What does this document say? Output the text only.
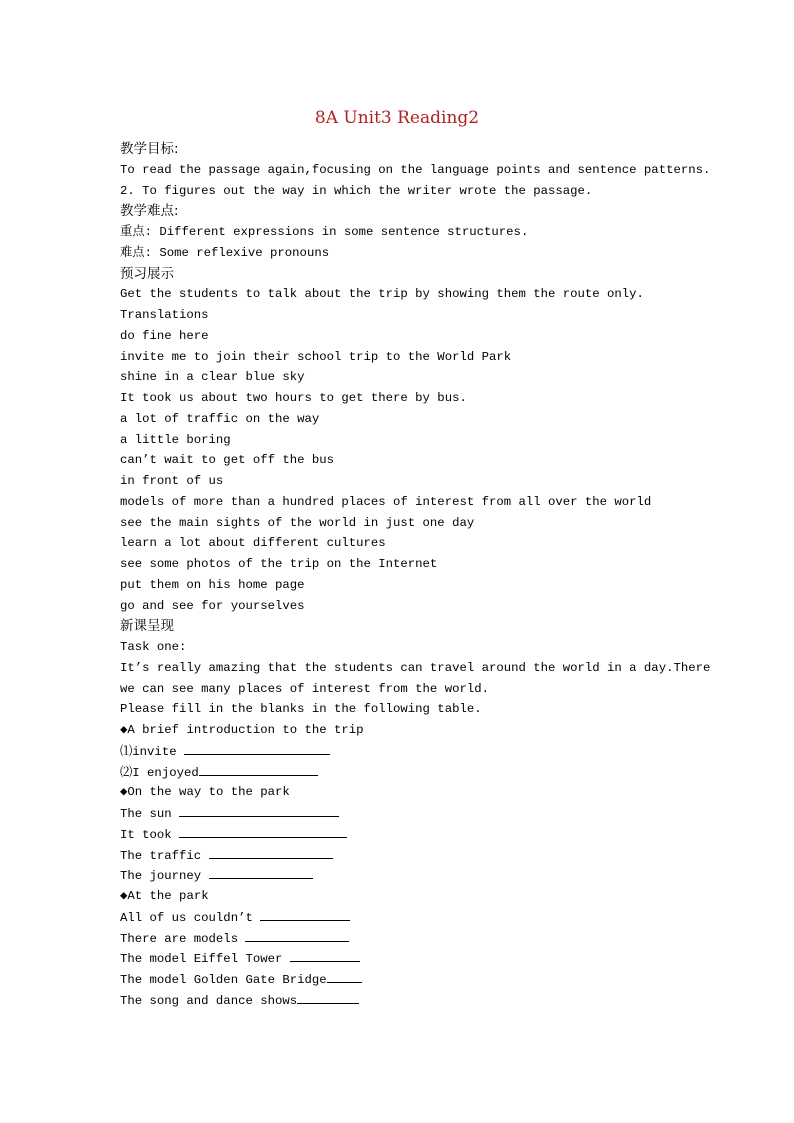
8A Unit3 Reading2
教学目标:
To read the passage again,focusing on the language points and sentence patterns.
2. To figures out the way in which the writer wrote the passage.
教学难点:
重点: Different expressions in some sentence structures.
难点: Some reflexive pronouns
预习展示
Get the students to talk about the trip by showing them the route only.
Translations
do fine here
invite me to join their school trip to the World Park
shine in a clear blue sky
It took us about two hours to get there by bus.
a lot of traffic on the way
a little boring
can’t wait to get off the bus
in front of us
models of more than a hundred places of interest from all over the world
see the main sights of the world in just one day
learn a lot about different cultures
see some photos of the trip on the Internet
put them on his home page
go and see for yourselves
新课呈现
Task one:
It’s really amazing that the students can travel around the world in a day.There
we can see many places of interest from the world.
Please fill in the blanks in the following table.
◆A brief introduction to the trip
⑴invite
⑵I enjoyed
◆On the way to the park
The sun
It took
The traffic
The journey
◆At the park
All of us couldn’t
There are models
The model Eiffel Tower
The model Golden Gate Bridge
The song and dance shows
